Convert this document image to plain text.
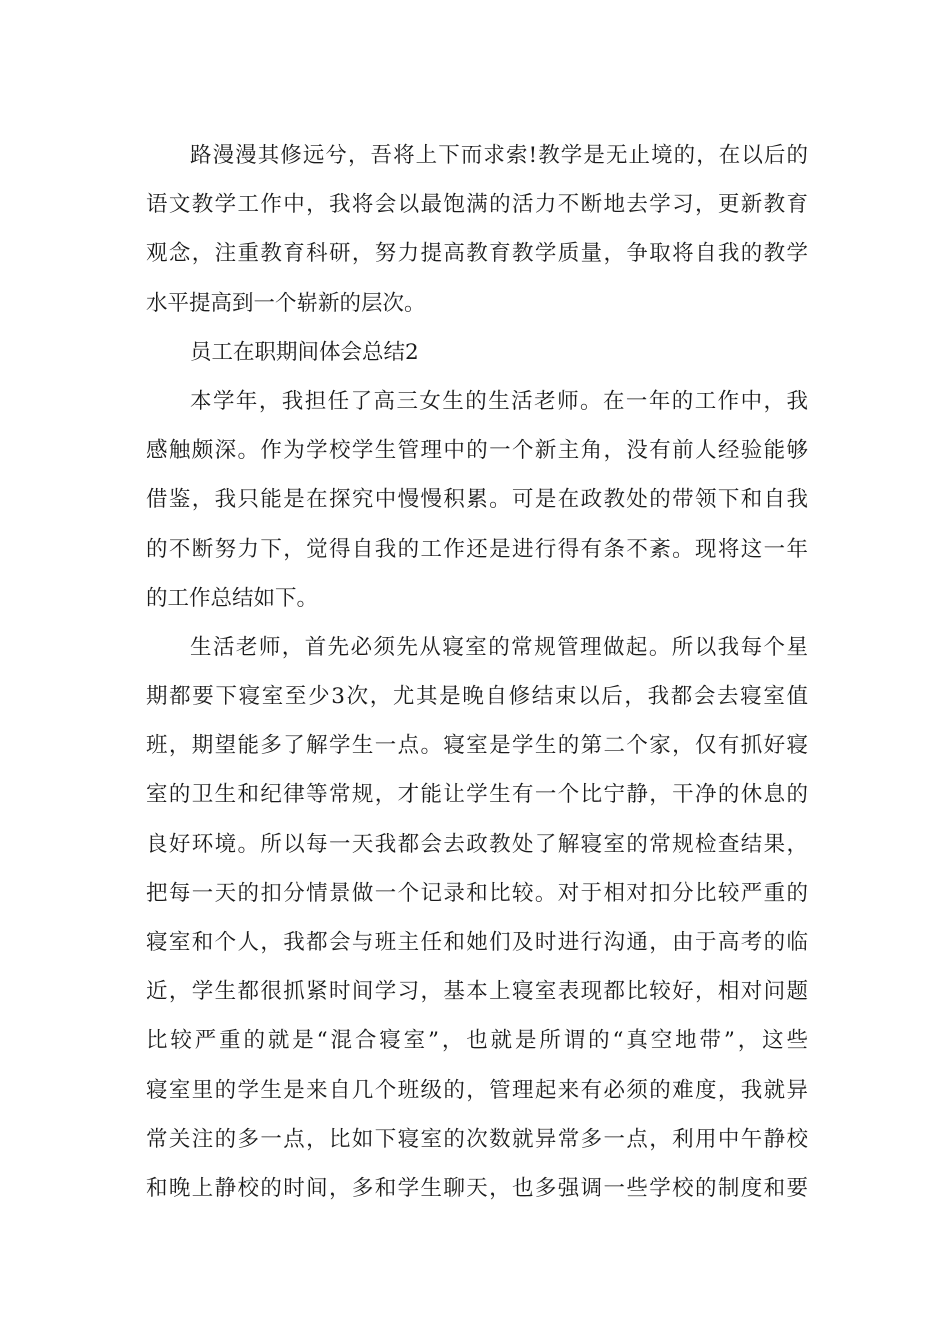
路漫漫其修远兮，吾将上下而求索!教学是无止境的，在以后的
语文教学工作中，我将会以最饱满的活力不断地去学习，更新教育
观念，注重教育科研，努力提高教育教学质量，争取将自我的教学
水平提高到一个崭新的层次。
员工在职期间体会总结2
本学年，我担任了高三女生的生活老师。在一年的工作中，我
感触颇深。作为学校学生管理中的一个新主角，没有前人经验能够
借鉴，我只能是在探究中慢慢积累。可是在政教处的带领下和自我
的不断努力下，觉得自我的工作还是进行得有条不紊。现将这一年
的工作总结如下。
生活老师，首先必须先从寝室的常规管理做起。所以我每个星
期都要下寝室至少3次，尤其是晚自修结束以后，我都会去寝室值
班，期望能多了解学生一点。寝室是学生的第二个家，仅有抓好寝
室的卫生和纪律等常规，才能让学生有一个比宁静，干净的休息的
良好环境。所以每一天我都会去政教处了解寝室的常规检查结果，
把每一天的扣分情景做一个记录和比较。对于相对扣分比较严重的
寝室和个人，我都会与班主任和她们及时进行沟通，由于高考的临
近，学生都很抓紧时间学习，基本上寝室表现都比较好，相对问题
比较严重的就是“混合寝室”，也就是所谓的“真空地带”，这些
寝室里的学生是来自几个班级的，管理起来有必须的难度，我就异
常关注的多一点，比如下寝室的次数就异常多一点，利用中午静校
和晚上静校的时间，多和学生聊天，也多强调一些学校的制度和要
